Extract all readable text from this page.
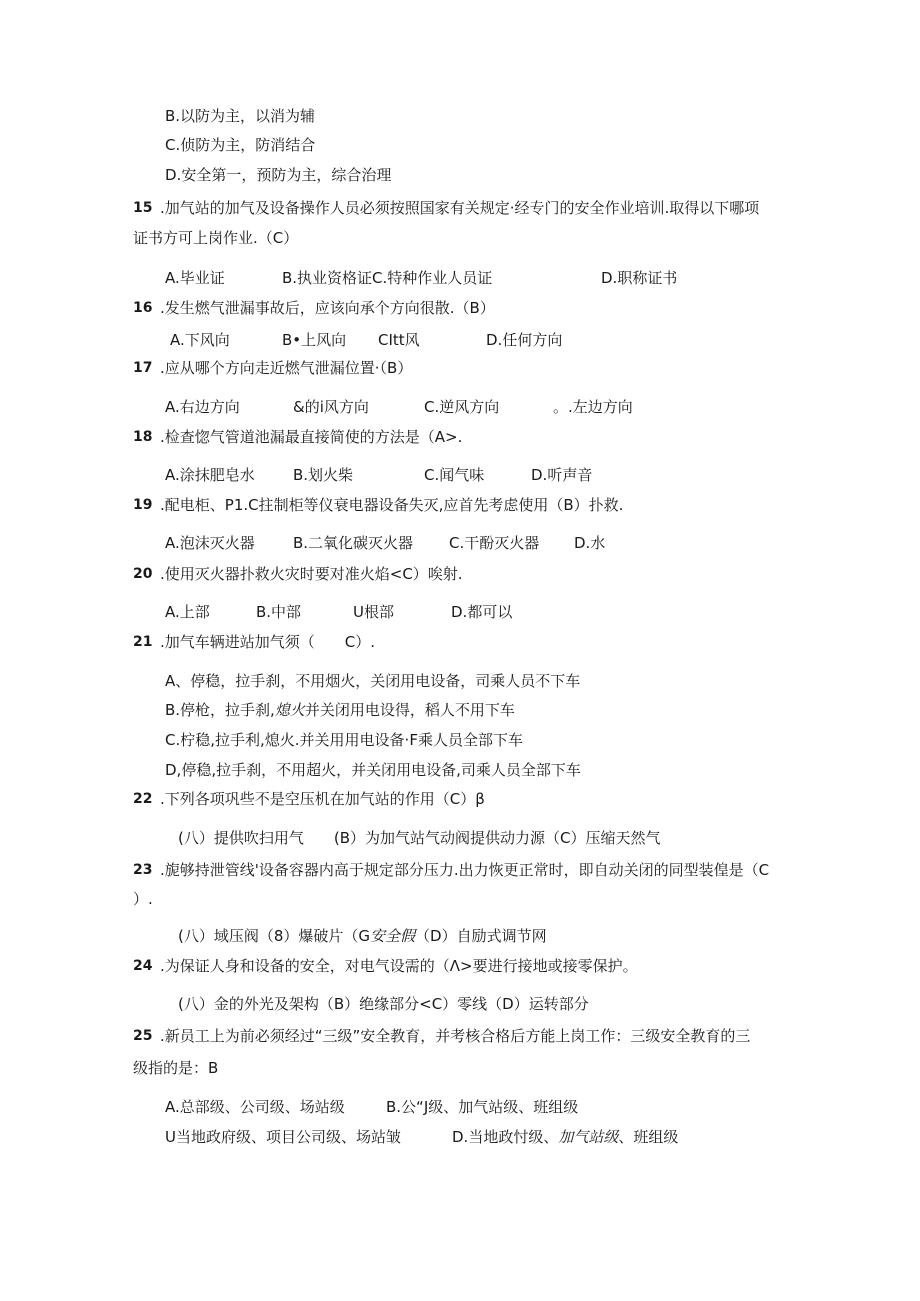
B.以防为主，以消为辅
C.侦防为主，防消结合
D.安全第一，预防为主，综合治理
15 .加气站的加气及设备操作人员必须按照国家有关规定·经专门的安全作业培训.取得以下哪项
证书方可上岗作业.（C）
A.毕业证	B.执业资格证C.特种作业人员证	D.职称证书
16 .发生燃气泄漏事故后，应该向承个方向很散.（B）
A.下风向	B•上风向 CItt风	D.任何方向
17 .应从哪个方向走近燃气泄漏位置·（B）
A.右边方向	&的i风方向	C.逆风方向	。.左边方向
18 .检查惚气管道池漏最直接简使的方法是（A>.
A.涂抹肥皂水	B.划火柴	C.闻气味	D.听声音
19 .配电柜、P1.C拄制柜等仪衰电器设备失灭,应首先考虑使用（B）扑救.
A.泡沫灭火器	B.二氧化碳灭火器 C.干酚灭火器 D.水
20 .使用灭火器扑救火灾时要对准火焰<C）唉射.
A.上部	B.中部	U根部	D.都可以
21 .加气车辆进站加气须（　　C）.
A、停稳，拉手刹，不用烟火，关闭用电设备，司乘人员不下车
B.停枪，拉手刹,熄火并关闭用电设得，稻人不用下车
C.柠稳,拉手利,熄火.并关用用电设备·F乘人员全部下车
D,停稳,拉手刹，不用超火，并关闭用电设备,司乘人员全部下车
22 .下列各项巩些不是空压机在加气站的作用（C）β
(八）提供吹扫用气　　(B）为加气站气动阀提供动力源（C）压缩天然气
23 .旎够持泄管线'设备容器内高于规定部分压力.出力恢更正常时，即自动关闭的同型装偟是（C
）.
(八）域压阀（8）爆破片（G安全假（D）自励式调节网
24 .为保证人身和设备的安全，对电气设需的（Λ>要进行接地或接零保护。
(八）金的外光及架构（B）绝缘部分<C）零线（D）运转部分
25 .新员工上为前必须经过“三级”安全教育，并考核合格后方能上岗工作：三级安全教育的三
级指的是：B
A.总部级、公司级、场站级	B.公“J级、加气站级、班组级
U当地政府级、项目公司级、场站皱	D.当地政忖级、加气站级、班组级
